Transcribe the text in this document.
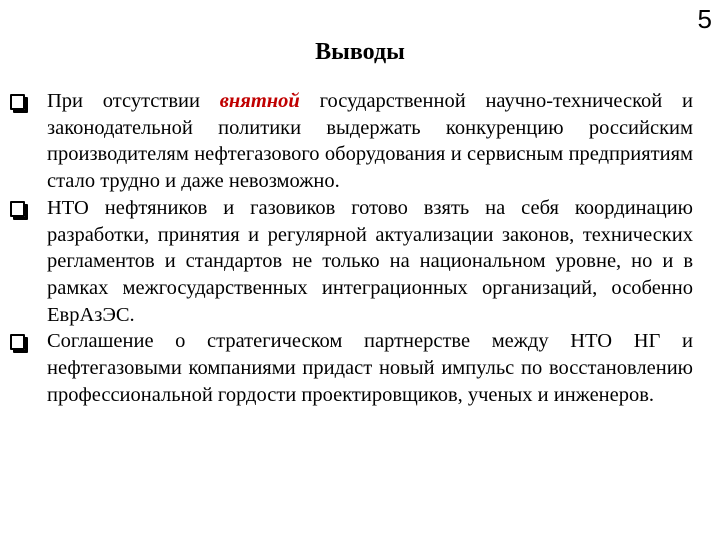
5
Выводы
При отсутствии внятной государственной научно-технической и законодательной политики выдержать конкуренцию российским производителям нефтегазового оборудования и сервисным предприятиям стало трудно и даже невозможно.
НТО нефтяников и газовиков готово взять на себя координацию разработки, принятия и регулярной актуализации законов, технических регламентов и стандартов не только на национальном уровне, но и в рамках межгосударственных интеграционных организаций, особенно ЕврАзЭС.
Соглашение о стратегическом партнерстве между НТО НГ и нефтегазовыми компаниями придаст новый импульс по восстановлению профессиональной гордости проектировщиков, ученых и инженеров.
